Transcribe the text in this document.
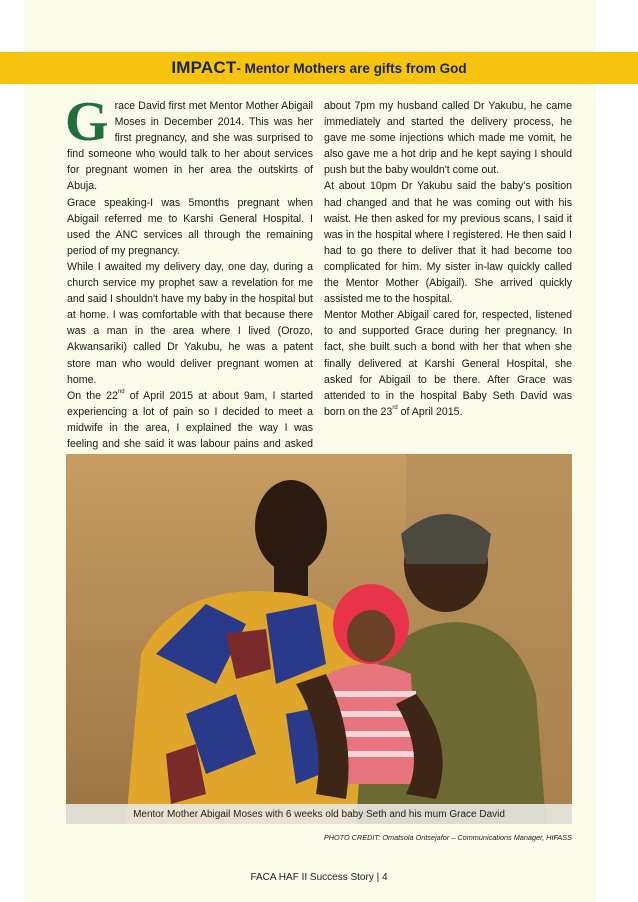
IMPACT - Mentor Mothers are gifts from God

Grace David first met Mentor Mother Abigail Moses in December 2014. This was her first pregnancy, and she was surprised to find someone who would talk to her about services for pregnant women in her area the outskirts of Abuja.

Grace speaking-I was 5months pregnant when Abigail referred me to Karshi General Hospital. I used the ANC services all through the remaining period of my pregnancy.

While I awaited my delivery day, one day, during a church service my prophet saw a revelation for me and said I shouldn't have my baby in the hospital but at home. I was comfortable with that because there was a man in the area where I lived (Orozo, Akwansariki) called Dr Yakubu, he was a patent store man who would deliver pregnant women at home.

On the 22nd of April 2015 at about 9am, I started experiencing a lot of pain so I decided to meet a midwife in the area, I explained the way I was feeling and she said it was labour pains and asked

about 7pm my husband called Dr Yakubu, he came immediately and started the delivery process, he gave me some injections which made me vomit, he also gave me a hot drip and he kept saying I should push but the baby wouldn't come out.

At about 10pm Dr Yakubu said the baby's position had changed and that he was coming out with his waist. He then asked for my previous scans, I said it was in the hospital where I registered. He then said I had to go there to deliver that it had become too complicated for him. My sister in-law quickly called the Mentor Mother (Abigail). She arrived quickly assisted me to the hospital.

Mentor Mother Abigail cared for, respected, listened to and supported Grace during her pregnancy. In fact, she built such a bond with her that when she finally delivered at Karshi General Hospital, she asked for Abigail to be there. After Grace was attended to in the hospital Baby Seth David was born on the 23rd of April 2015.

Mentor Mother Abigail Moses with 6 weeks old baby Seth and his mum Grace David
PHOTO CREDIT: Omatsola Oritsejafor – Communications Manager, HIFASS
FACA HAF II Success Story | 4
